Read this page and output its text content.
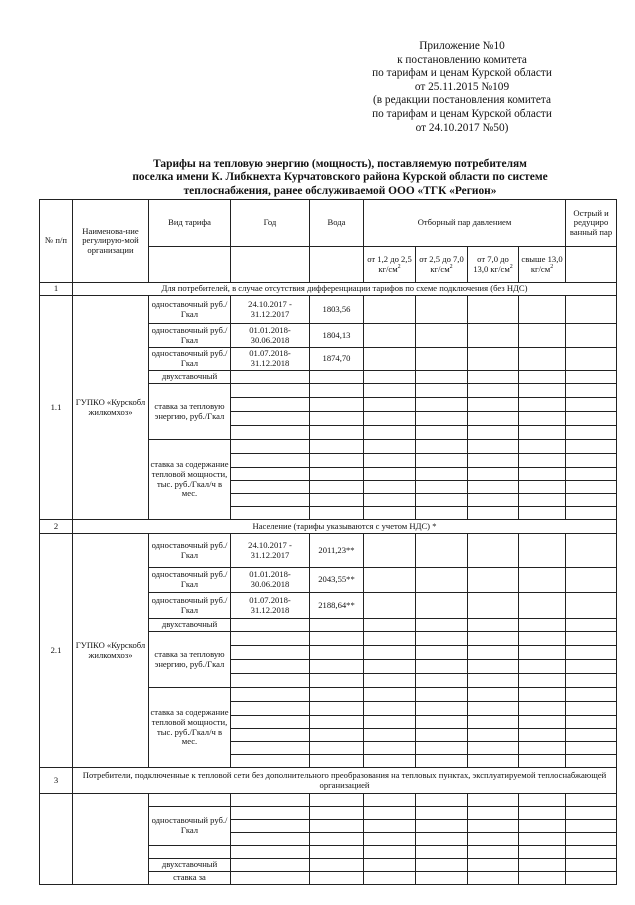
Приложение №10
к постановлению комитета
по тарифам и ценам Курской области
от 25.11.2015 №109
(в редакции постановления комитета
по тарифам и ценам Курской области
от 24.10.2017 №50)
Тарифы на тепловую энергию (мощность), поставляемую потребителям
поселка имени К. Либкнехта Курчатовского района Курской области по системе
теплоснабжения, ранее обслуживаемой ООО «ТГК «Регион»
№ п/п	Наименова-ние регулирую-мой организации	Вид тарифа	Год	Вода	Отборный пар давлением				Острый и редуциро ванный пар
					от 1,2 до 2,5 $кг/см^2$	от 2,5 до 7,0 $кг/см^2$	от 7,0 до 13,0 $кг/см^2$	свыше 13,0 $кг/см^2$	
1	Для потребителей, в случае отсутствия дифференциации тарифов по схеме подключения (без НДС)								
1.1	ГУПКО «Курскобл жилкомхоз»	одноставочный руб./Гкал	24.10.2017 - 31.12.2017	1803,56					
		одноставочный руб./Гкал	01.01.2018- 30.06.2018	1804,13					
		одноставочный руб./Гкал	01.07.2018- 31.12.2018	1874,70					
		двухставочный							
		ставка за тепловую энергию, руб./Гкал							

		ставка за содержание тепловой мощности, тыс. руб./Гкал/ч в мес.							

2	Население (тарифы указываются с учетом НДС) *								
2.1	ГУПКО «Курскобл жилкомхоз»	одноставочный руб./Гкал	24.10.2017 - 31.12.2017	2011,23**					
		одноставочный руб./Гкал	01.01.2018- 30.06.2018	2043,55**					
		одноставочный руб./Гкал	01.07.2018- 31.12.2018	2188,64**					
		двухставочный							
		ставка за тепловую энергию, руб./Гкал							

		ставка за содержание тепловой мощности, тыс. руб./Гкал/ч в мес.							

3	Потребители, подключенные к тепловой сети без дополнительного преобразования на тепловых пунктах, эксплуатируемой теплоснабжающей организацией								

		одноставочный руб./Гкал							

		двухставочный							
		ставка за							
